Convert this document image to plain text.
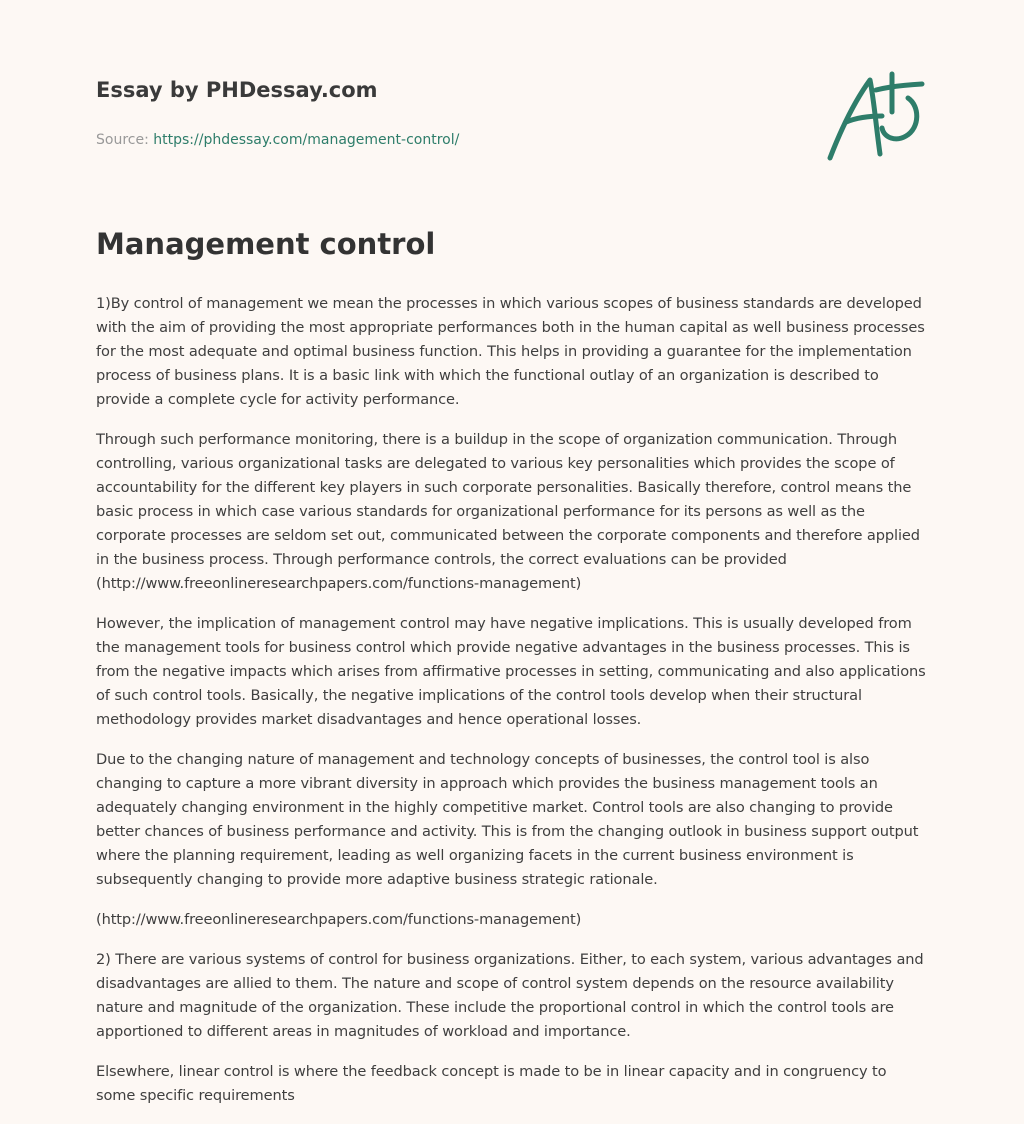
Essay by PHDessay.com
Source: https://phdessay.com/management-control/
Management control

1)By control of management we mean the processes in which various scopes of business standards are developed with the aim of providing the most appropriate performances both in the human capital as well business processes for the most adequate and optimal business function. This helps in providing a guarantee for the implementation process of business plans. It is a basic link with which the functional outlay of an organization is described to provide a complete cycle for activity performance.

Through such performance monitoring, there is a buildup in the scope of organization communication. Through controlling, various organizational tasks are delegated to various key personalities which provides the scope of accountability for the different key players in such corporate personalities. Basically therefore, control means the basic process in which case various standards for organizational performance for its persons as well as the corporate processes are seldom set out, communicated between the corporate components and therefore applied in the business process. Through performance controls, the correct evaluations can be provided (http://www.freeonlineresearchpapers.com/functions-management)

However, the implication of management control may have negative implications. This is usually developed from the management tools for business control which provide negative advantages in the business processes. This is from the negative impacts which arises from affirmative processes in setting, communicating and also applications of such control tools. Basically, the negative implications of the control tools develop when their structural methodology provides market disadvantages and hence operational losses.

Due to the changing nature of management and technology concepts of businesses, the control tool is also changing to capture a more vibrant diversity in approach which provides the business management tools an adequately changing environment in the highly competitive market. Control tools are also changing to provide better chances of business performance and activity. This is from the changing outlook in business support output where the planning requirement, leading as well organizing facets in the current business environment is subsequently changing to provide more adaptive business strategic rationale.

(http://www.freeonlineresearchpapers.com/functions-management)

2) There are various systems of control for business organizations. Either, to each system, various advantages and disadvantages are allied to them. The nature and scope of control system depends on the resource availability nature and magnitude of the organization. These include the proportional control in which the control tools are apportioned to different areas in magnitudes of workload and importance.

Elsewhere, linear control is where the feedback concept is made to be in linear capacity and in congruency to some specific requirements
